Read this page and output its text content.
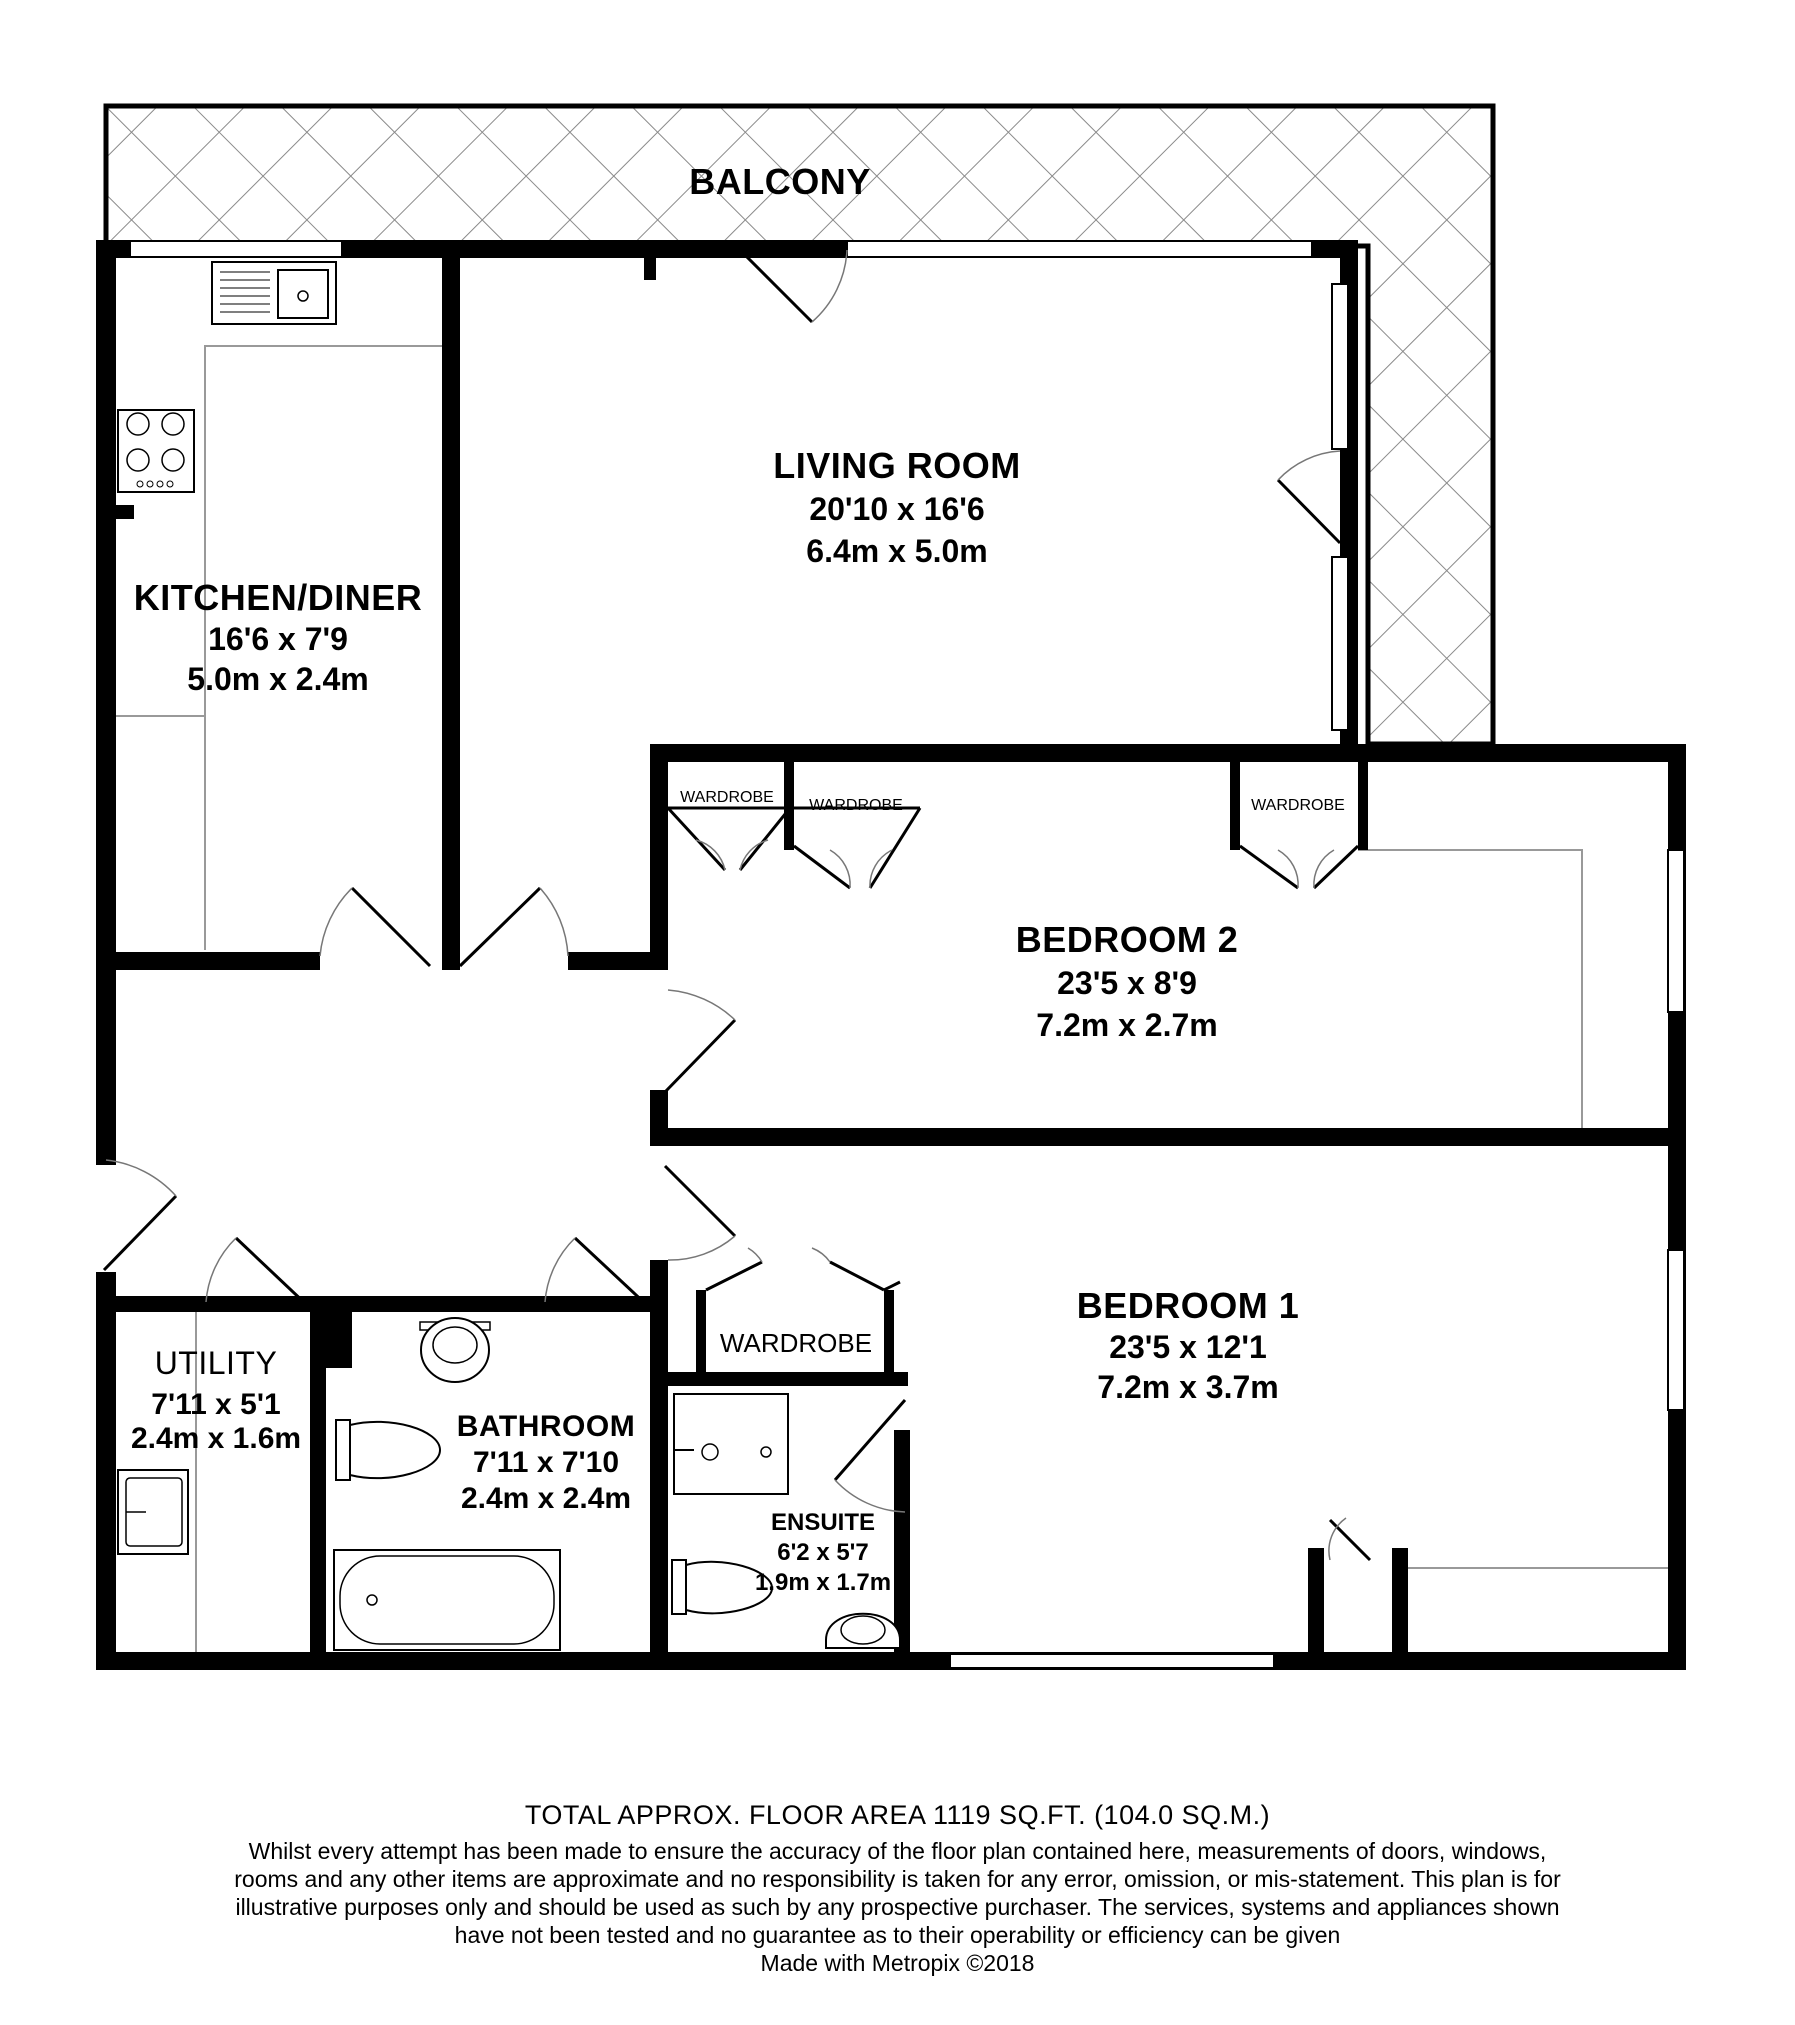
BALCONY
LIVING ROOM
20'10 x 16'6
6.4m x 5.0m
KITCHEN/DINER
16'6 x 7'9
5.0m x 2.4m
BEDROOM 2
23'5 x 8'9
7.2m x 2.7m
BEDROOM 1
23'5 x 12'1
7.2m x 3.7m
UTILITY
7'11 x 5'1
2.4m x 1.6m	BATHROOM
7'11 x 7'10
2.4m x 2.4m
ENSUITE
6'2 x 5'7
1.9m x 1.7m
WARDROBE WARDROBE	WARDROBE
WARDROBE
TOTAL APPROX. FLOOR AREA 1119 SQ.FT. (104.0 SQ.M.)
Whilst every attempt has been made to ensure the accuracy of the floor plan contained here, measurements of doors, windows, rooms and any other items are approximate and no responsibility is taken for any error, omission, or mis-statement. This plan is for illustrative purposes only and should be used as such by any prospective purchaser. The services, systems and appliances shown have not been tested and no guarantee as to their operability or efficiency can be given
Made with Metropix ©2018
